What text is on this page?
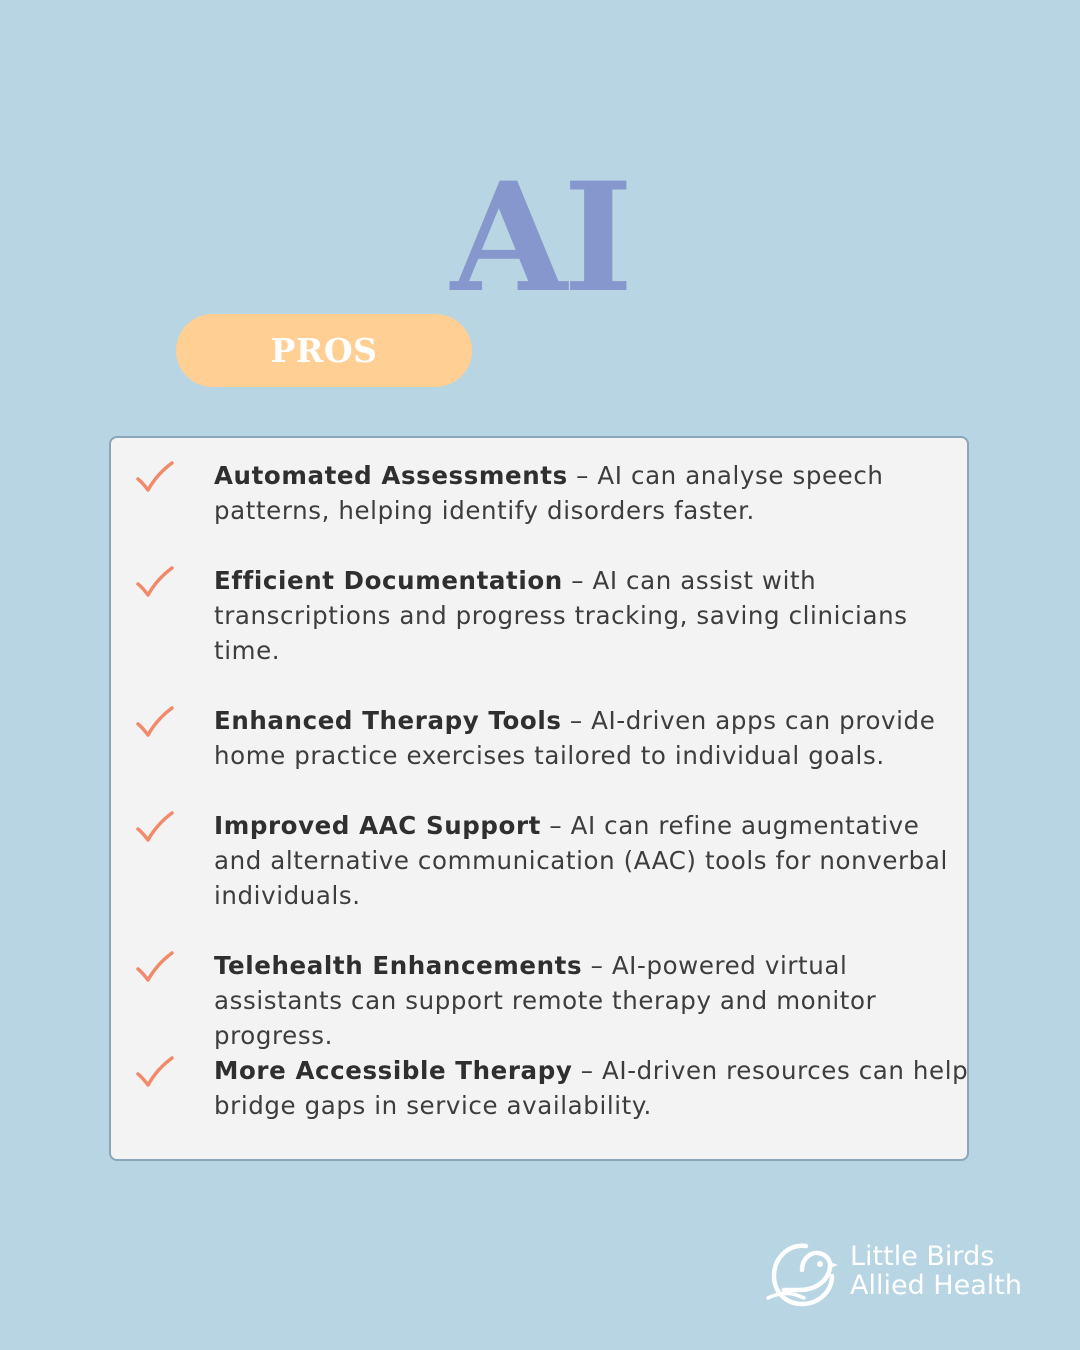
AI
PROS
Automated Assessments – AI can analyse speech patterns, helping identify disorders faster.
Efficient Documentation – AI can assist with transcriptions and progress tracking, saving clinicians time.
Enhanced Therapy Tools – AI-driven apps can provide home practice exercises tailored to individual goals.
Improved AAC Support – AI can refine augmentative and alternative communication (AAC) tools for nonverbal individuals.
Telehealth Enhancements – AI-powered virtual assistants can support remote therapy and monitor progress.
More Accessible Therapy – AI-driven resources can help bridge gaps in service availability.
Little Birds
Allied Health
